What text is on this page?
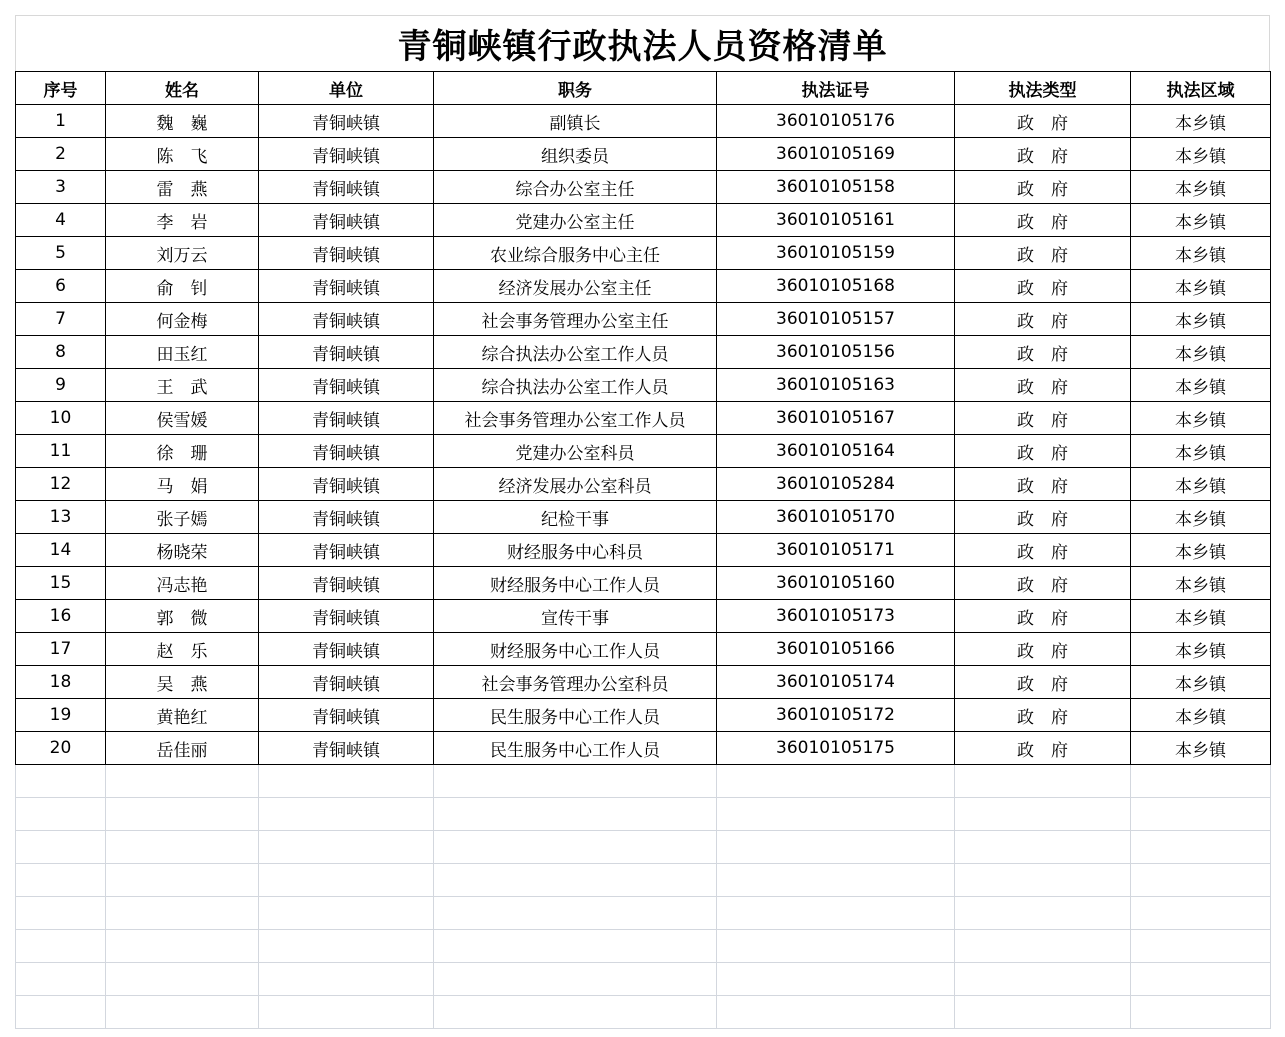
青铜峡镇行政执法人员资格清单
序号	姓名	单位	职务	执法证号	执法类型	执法区域
1	魏　巍	青铜峡镇	副镇长	36010105176	政　府	本乡镇
2	陈　飞	青铜峡镇	组织委员	36010105169	政　府	本乡镇
3	雷　燕	青铜峡镇	综合办公室主任	36010105158	政　府	本乡镇
4	李　岩	青铜峡镇	党建办公室主任	36010105161	政　府	本乡镇
5	刘万云	青铜峡镇	农业综合服务中心主任	36010105159	政　府	本乡镇
6	俞　钊	青铜峡镇	经济发展办公室主任	36010105168	政　府	本乡镇
7	何金梅	青铜峡镇	社会事务管理办公室主任	36010105157	政　府	本乡镇
8	田玉红	青铜峡镇	综合执法办公室工作人员	36010105156	政　府	本乡镇
9	王　武	青铜峡镇	综合执法办公室工作人员	36010105163	政　府	本乡镇
10	侯雪媛	青铜峡镇	社会事务管理办公室工作人员	36010105167	政　府	本乡镇
11	徐　珊	青铜峡镇	党建办公室科员	36010105164	政　府	本乡镇
12	马　娟	青铜峡镇	经济发展办公室科员	36010105284	政　府	本乡镇
13	张子嫣	青铜峡镇	纪检干事	36010105170	政　府	本乡镇
14	杨晓荣	青铜峡镇	财经服务中心科员	36010105171	政　府	本乡镇
15	冯志艳	青铜峡镇	财经服务中心工作人员	36010105160	政　府	本乡镇
16	郭　微	青铜峡镇	宣传干事	36010105173	政　府	本乡镇
17	赵　乐	青铜峡镇	财经服务中心工作人员	36010105166	政　府	本乡镇
18	吴　燕	青铜峡镇	社会事务管理办公室科员	36010105174	政　府	本乡镇
19	黄艳红	青铜峡镇	民生服务中心工作人员	36010105172	政　府	本乡镇
20	岳佳丽	青铜峡镇	民生服务中心工作人员	36010105175	政　府	本乡镇
